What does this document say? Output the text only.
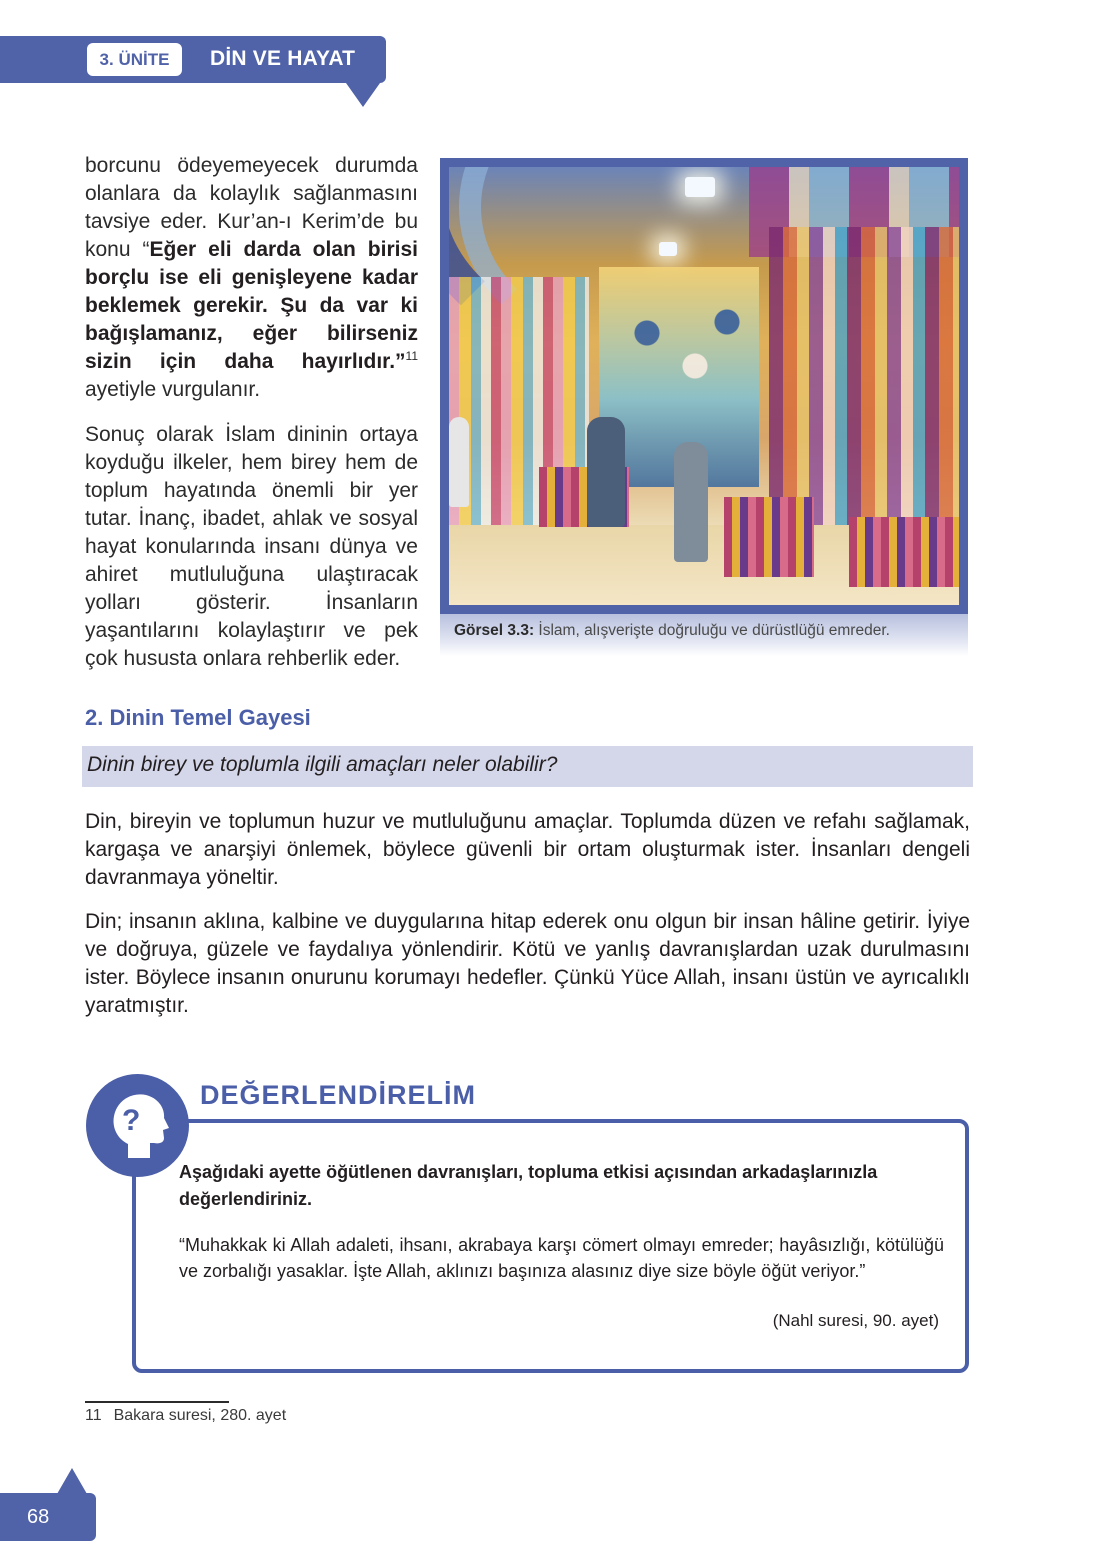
3. ÜNİTE	DİN VE HAYAT

borcunu ödeyemeyecek durumda olanlara da kolaylık sağlanmasını tavsiye eder. Kur’an-ı Kerim’de bu konu “Eğer eli darda olan birisi borçlu ise eli genişleyene kadar beklemek gerekir. Şu da var ki bağışlamanız, eğer bilirseniz sizin için daha hayırlıdır.”$^{11}$ ayetiyle vurgulanır.

Sonuç olarak İslam dininin ortaya koyduğu ilkeler, hem birey hem de toplum hayatında önemli bir yer tutar. İnanç, ibadet, ahlak ve sosyal hayat konularında insanı dünya ve ahiret mutluluğuna ulaştıracak yolları gösterir. İnsanların yaşantılarını kolaylaştırır ve pek çok hususta onlara rehberlik eder.

Görsel 3.3: İslam, alışverişte doğruluğu ve dürüstlüğü emreder.
2. Dinin Temel Gayesi
Dinin birey ve toplumla ilgili amaçları neler olabilir?
Din, bireyin ve toplumun huzur ve mutluluğunu amaçlar. Toplumda düzen ve refahı sağlamak, kargaşa ve anarşiyi önlemek, böylece güvenli bir ortam oluşturmak ister. İnsanları dengeli davranmaya yöneltir.
Din; insanın aklına, kalbine ve duygularına hitap ederek onu olgun bir insan hâline getirir. İyiye ve doğruya, güzele ve faydalıya yönlendirir. Kötü ve yanlış davranışlardan uzak durulmasını ister. Böylece insanın onurunu korumayı hedefler. Çünkü Yüce Allah, insanı üstün ve ayrıcalıklı yaratmıştır.
DEĞERLENDİRELİM
?
Aşağıdaki ayette öğütlenen davranışları, topluma etkisi açısından arkadaşlarınızla değerlendiriniz.
“Muhakkak ki Allah adaleti, ihsanı, akrabaya karşı cömert olmayı emreder; hayâsızlığı, kötülüğü ve zorbalığı yasaklar. İşte Allah, aklınızı başınıza alasınız diye size böyle öğüt veriyor.”
(Nahl suresi, 90. ayet)
11 Bakara suresi, 280. ayet
68
